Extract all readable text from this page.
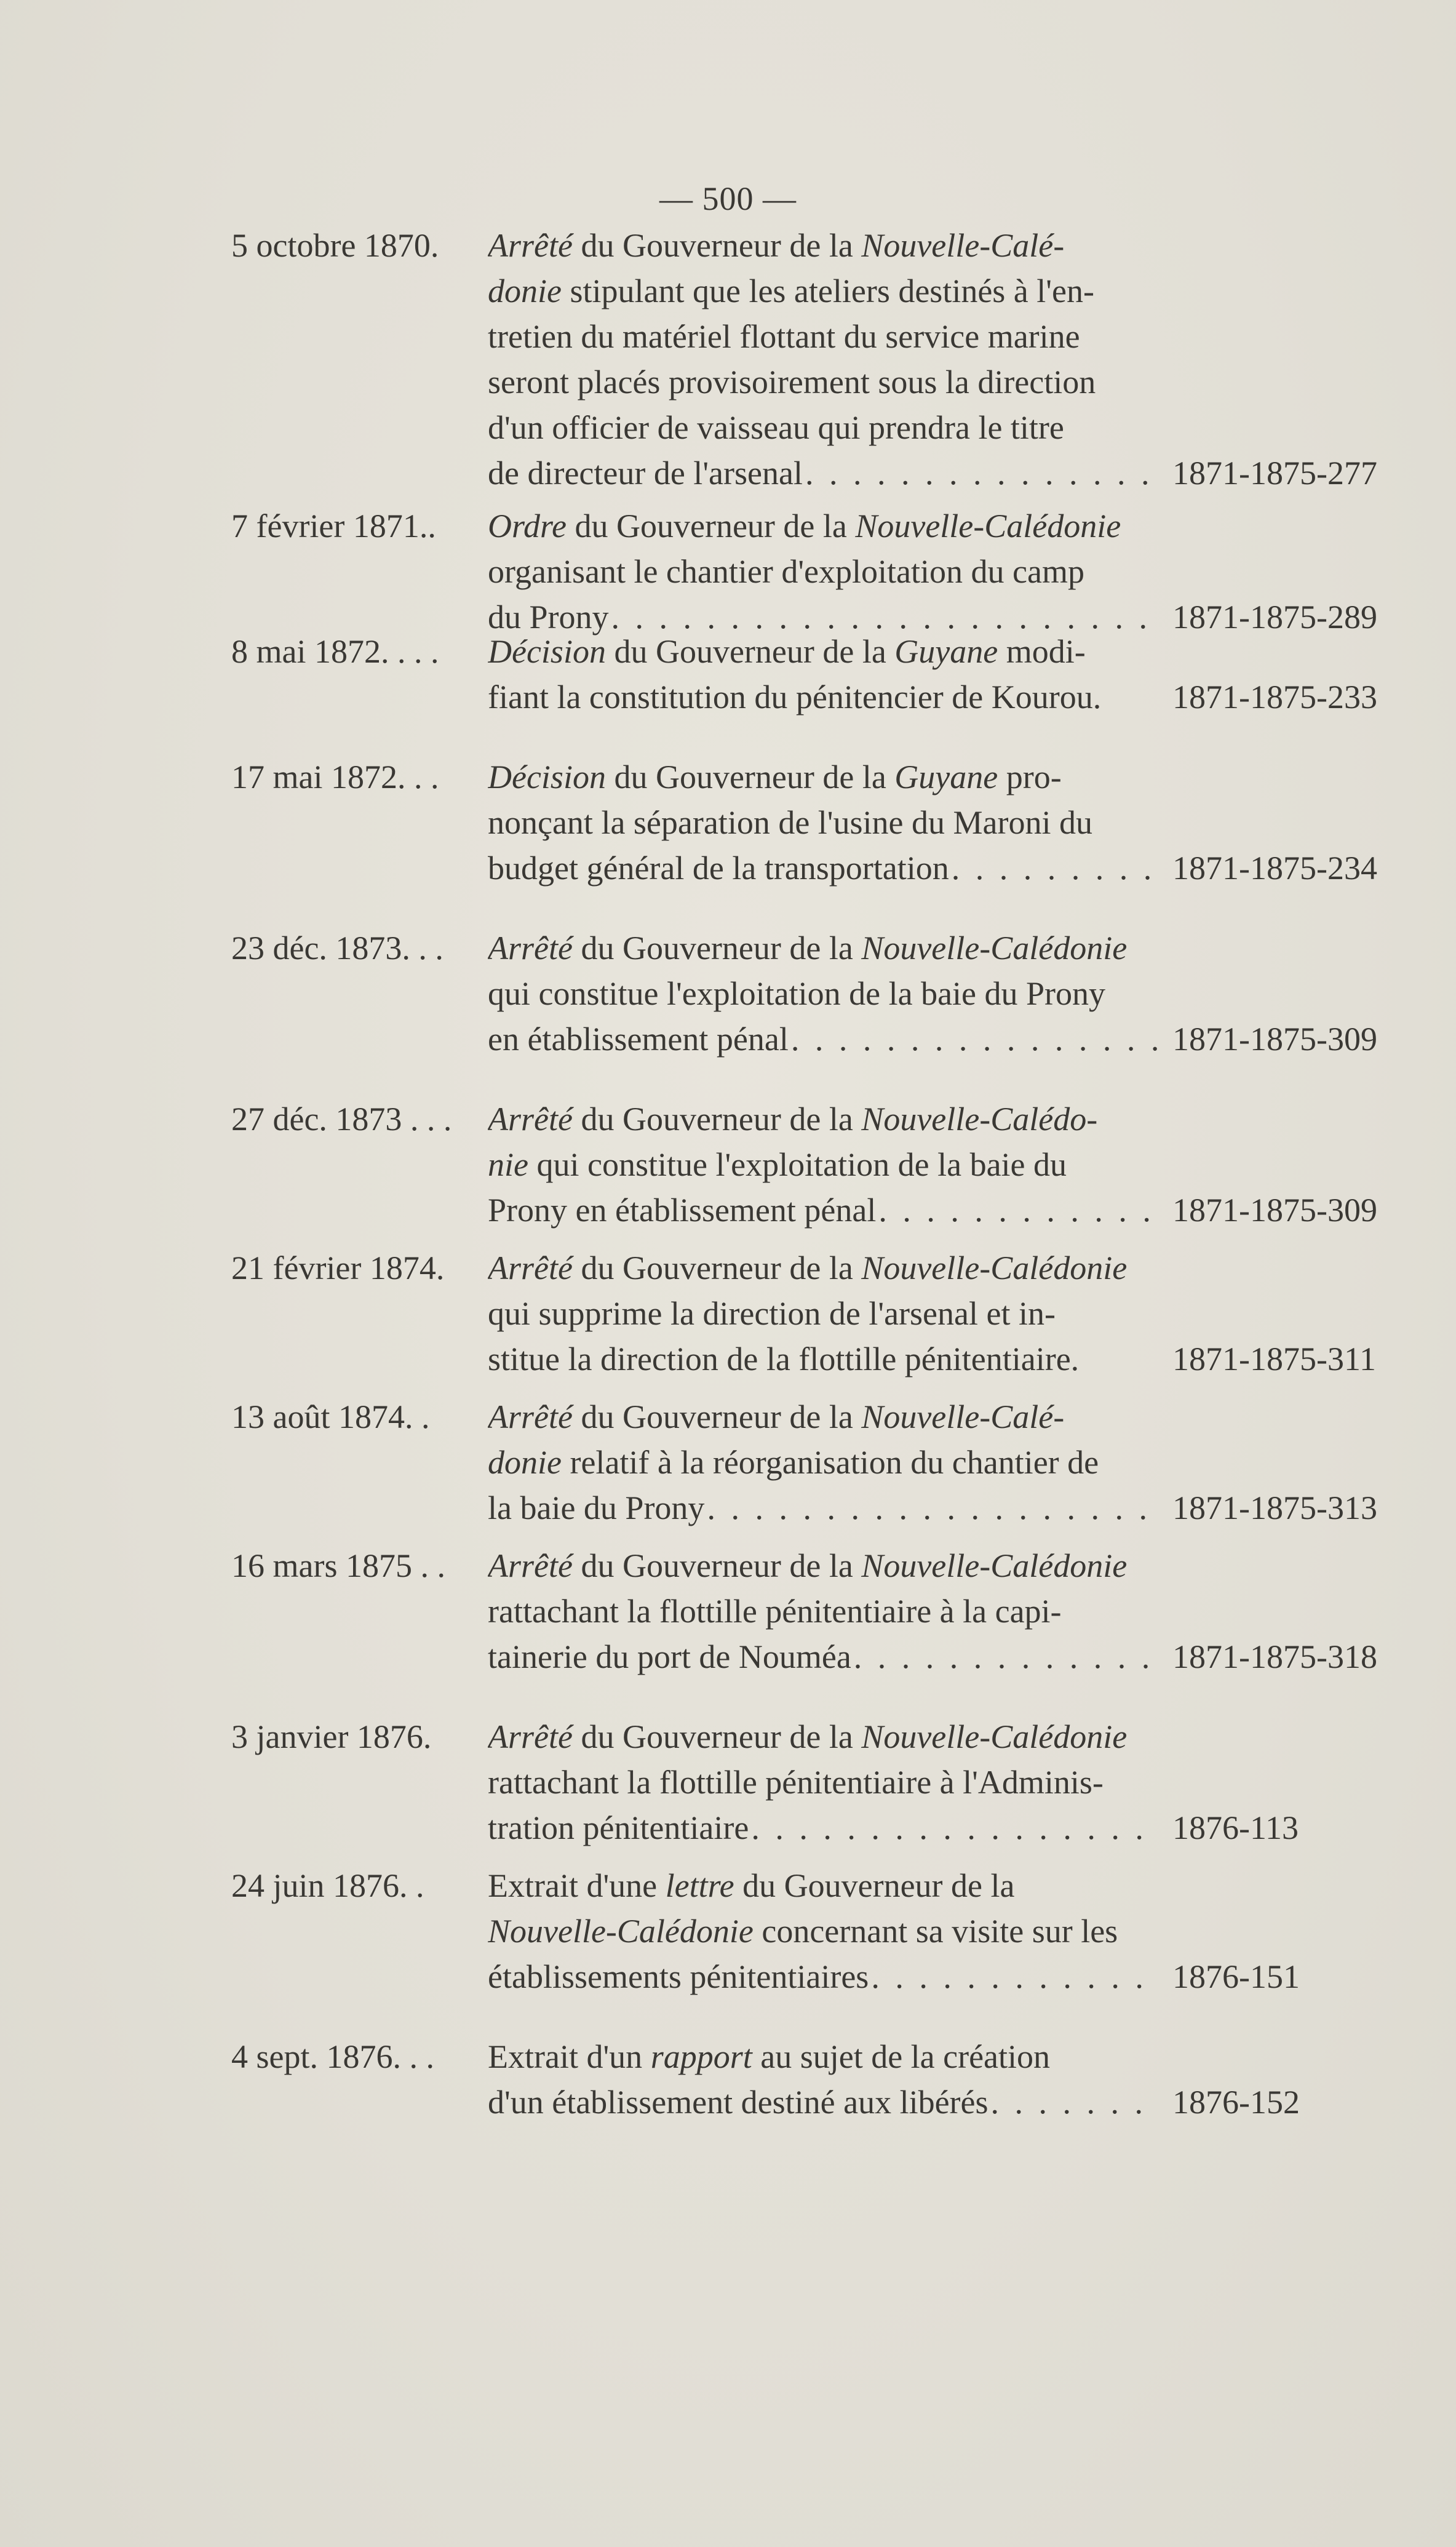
— 500 —
5 octobre 1870.	Arrêté du Gouverneur de la Nouvelle-Calé-
donie stipulant que les ateliers destinés à l'en-
tretien du matériel flottant du service marine
seront placés provisoirement sous la direction
d'un officier de vaisseau qui prendra le titre
de directeur de l'arsenal . . .	1871-1875-277
7 février 1871..	Ordre du Gouverneur de la Nouvelle-Calédonie
organisant le chantier d'exploitation du camp
du Prony . . .	1871-1875-289
8 mai 1872. . . .	Décision du Gouverneur de la Guyane modi-
fiant la constitution du pénitencier de Kourou. 1871-1875-233
17 mai 1872. . .	Décision du Gouverneur de la Guyane pro-
nonçant la séparation de l'usine du Maroni du
budget général de la transportation . . .	1871-1875-234
23 déc. 1873. . .	Arrêté du Gouverneur de la Nouvelle-Calédonie
qui constitue l'exploitation de la baie du Prony
en établissement pénal . . .	1871-1875-309
27 déc. 1873 . . .	Arrêté du Gouverneur de la Nouvelle-Calédo-
nie qui constitue l'exploitation de la baie du
Prony en établissement pénal . . .	1871-1875-309
21 février 1874.	Arrêté du Gouverneur de la Nouvelle-Calédonie
qui supprime la direction de l'arsenal et in-
stitue la direction de la flottille pénitentiaire.	1871-1875-311
13 août 1874. .	Arrêté du Gouverneur de la Nouvelle-Calé-
donie relatif à la réorganisation du chantier de
la baie du Prony . . .	1871-1875-313
16 mars 1875 . .	Arrêté du Gouverneur de la Nouvelle-Calédonie
rattachant la flottille pénitentiaire à la capi-
tainerie du port de Nouméa . . .	1871-1875-318
3 janvier 1876.	Arrêté du Gouverneur de la Nouvelle-Calédonie
rattachant la flottille pénitentiaire à l'Adminis-
tration pénitentiaire . . .	1876-113
24 juin 1876. .	Extrait d'une lettre du Gouverneur de la
Nouvelle-Calédonie concernant sa visite sur les
établissements pénitentiaires . . .	1876-151
4 sept. 1876. . .	Extrait d'un rapport au sujet de la création
d'un établissement destiné aux libérés . . .	1876-152
